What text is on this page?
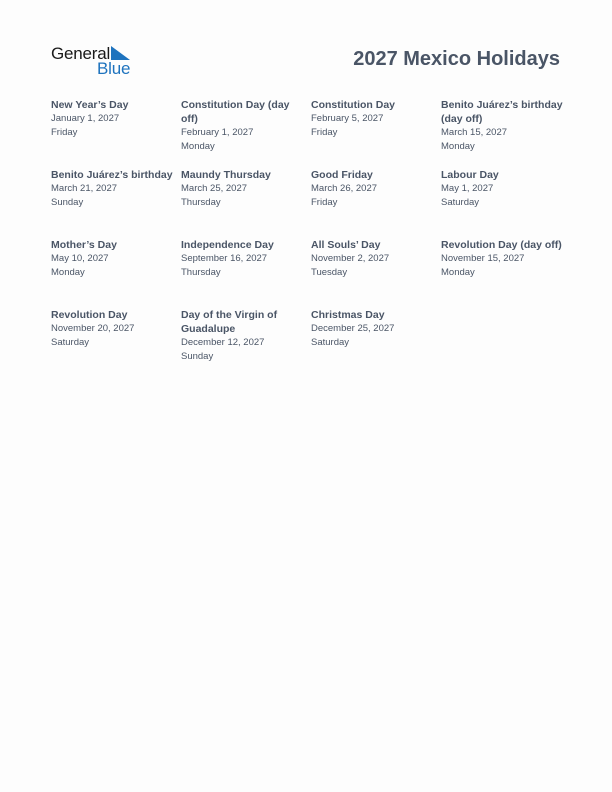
General
Blue	2027 Mexico Holidays
New Year’s Day
January 1, 2027
Friday
Constitution Day (day off)
February 1, 2027
Monday
Constitution Day
February 5, 2027
Friday
Benito Juárez’s birthday (day off)
March 15, 2027
Monday
Benito Juárez’s birthday
March 21, 2027
Sunday
Maundy Thursday
March 25, 2027
Thursday
Good Friday
March 26, 2027
Friday
Labour Day
May 1, 2027
Saturday
Mother’s Day
May 10, 2027
Monday
Independence Day
September 16, 2027
Thursday
All Souls’ Day
November 2, 2027
Tuesday
Revolution Day (day off)
November 15, 2027
Monday
Revolution Day
November 20, 2027
Saturday
Day of the Virgin of Guadalupe
December 12, 2027
Sunday
Christmas Day
December 25, 2027
Saturday
